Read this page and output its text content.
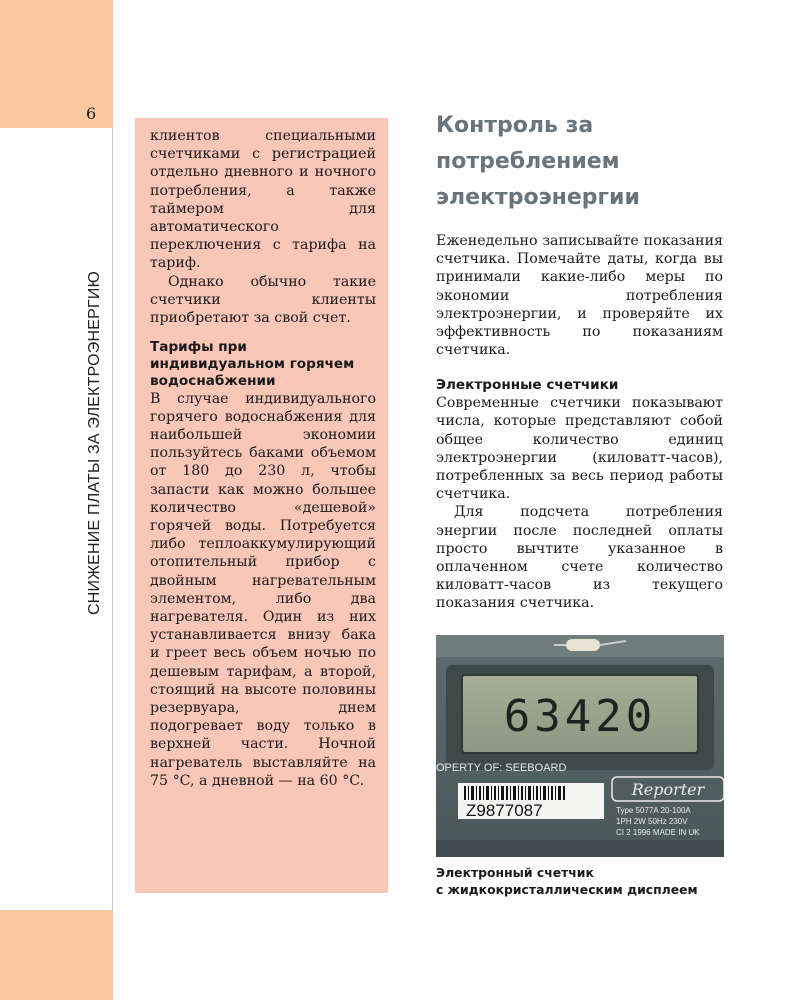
6
СНИЖЕНИЕ ПЛАТЫ ЗА ЭЛЕКТРОЭНЕРГИЮ

клиентов специальными счетчиками с регистрацией отдельно дневного и ночного потребления, а также таймером для автоматического переключения с тарифа на тариф.

Однако обычно такие счетчики клиенты приобретают за свой счет.

Тарифы при индивидуальном горячем водоснабжении

В случае индивидуального горячего водоснабжения для наибольшей экономии пользуйтесь баками объемом от 180 до 230 л, чтобы запасти как можно большее количество «дешевой» горячей воды. Потребуется либо теплоаккумулирующий отопительный прибор с двойным нагревательным элементом, либо два нагревателя. Один из них устанавливается внизу бака и греет весь объем ночью по дешевым тарифам, а второй, стоящий на высоте половины резервуара, днем подогревает воду только в верхней части. Ночной нагреватель выставляйте на 75 °C, а дневной — на 60 °C.

Контроль за потреблением электроэнергии

Еженедельно записывайте показания счетчика. Помечайте даты, когда вы принимали какие-либо меры по экономии потребления электроэнергии, и проверяйте их эффективность по показаниям счетчика.

Электронные счетчики

Современные счетчики показывают числа, которые представляют собой общее количество единиц электроэнергии (киловатт-часов), потребленных за весь период работы счетчика.

Для подсчета потребления энергии после последней оплаты просто вычтите указанное в оплаченном счете количество киловатт-часов из текущего показания счетчика.

63420
OPERTY OF: SEEBOARD
Reporter
Z9877087	Type 5077A 20-100A
1PH 2W 50Hz 230V
CI 2 1996 MADE IN UK

Электронный счетчик
с жидкокристаллическим дисплеем
